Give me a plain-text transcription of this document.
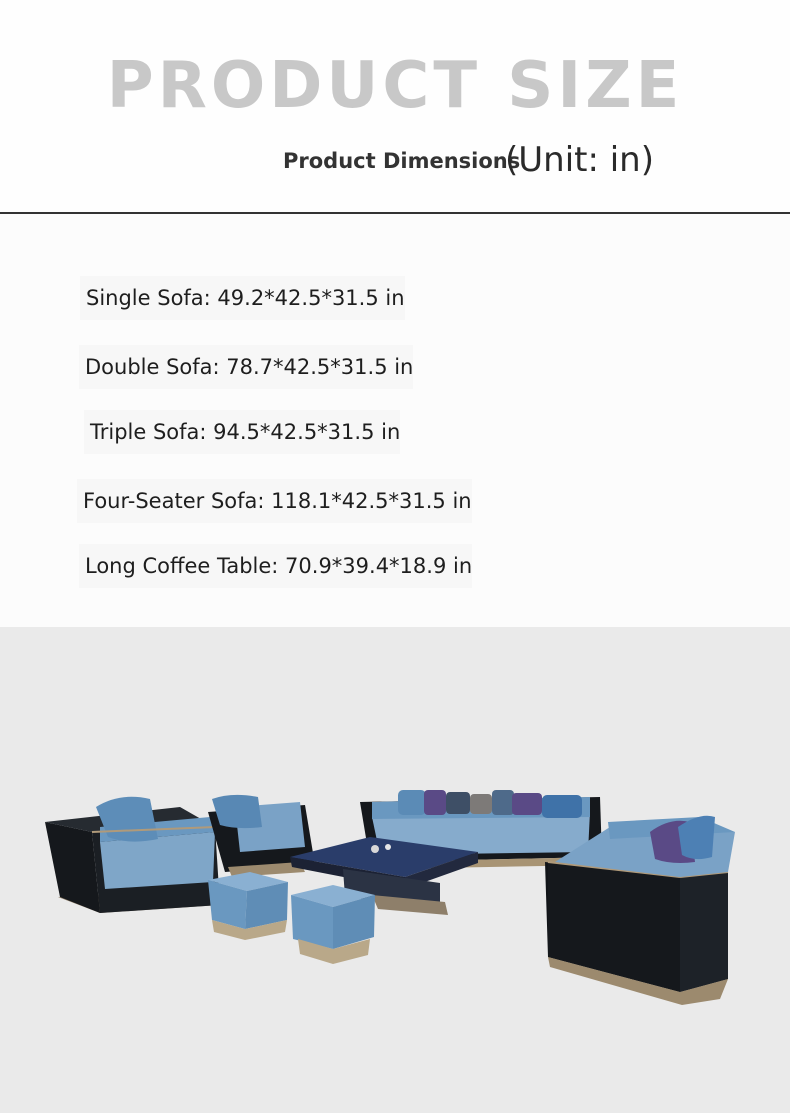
PRODUCT SIZE
Product Dimensions
(Unit: in)
Single Sofa: 49.2*42.5*31.5 in
Double Sofa: 78.7*42.5*31.5 in
Triple Sofa: 94.5*42.5*31.5 in
Four-Seater Sofa: 118.1*42.5*31.5 in
Long Coffee Table: 70.9*39.4*18.9 in
